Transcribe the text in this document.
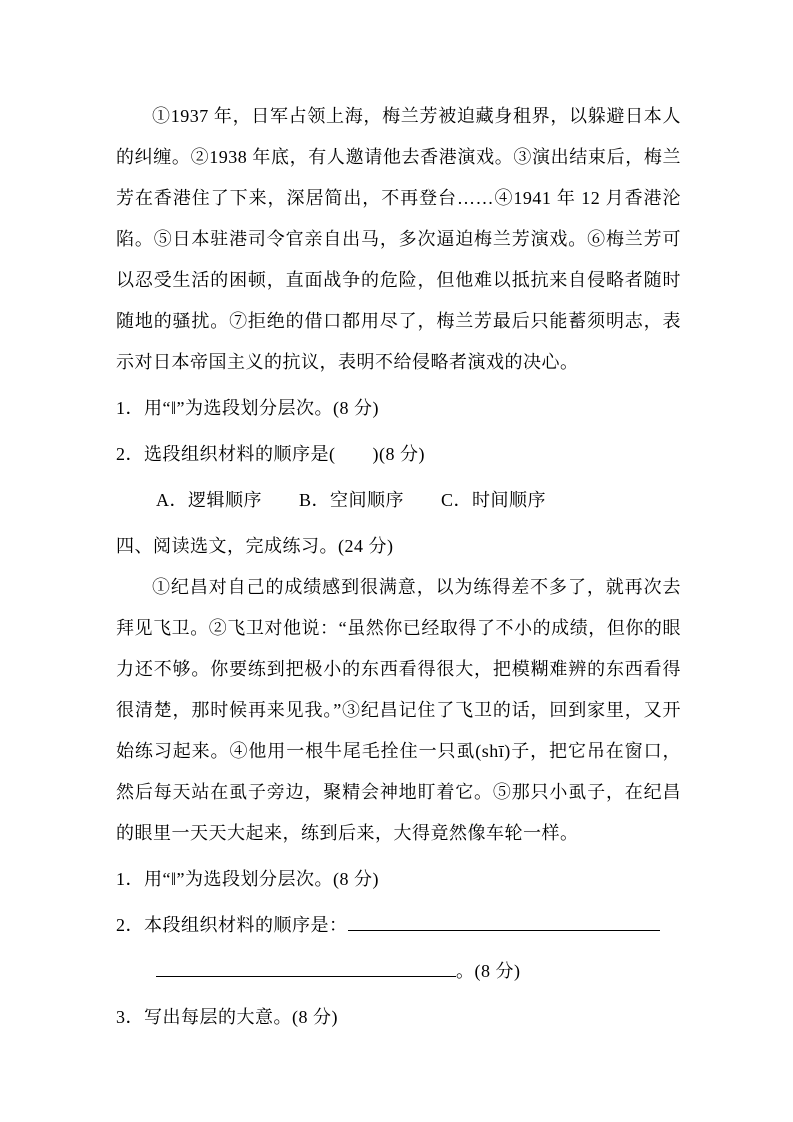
①1937 年，日军占领上海，梅兰芳被迫藏身租界，以躲避日本人的纠缠。②1938 年底，有人邀请他去香港演戏。③演出结束后，梅兰芳在香港住了下来，深居简出，不再登台……④1941 年 12 月香港沦陷。⑤日本驻港司令官亲自出马，多次逼迫梅兰芳演戏。⑥梅兰芳可以忍受生活的困顿，直面战争的危险，但他难以抵抗来自侵略者随时随地的骚扰。⑦拒绝的借口都用尽了，梅兰芳最后只能蓄须明志，表示对日本帝国主义的抗议，表明不给侵略者演戏的决心。

1．用“‖”为选段划分层次。(8 分)

2．选段组织材料的顺序是(　　)(8 分)

A．逻辑顺序　　B．空间顺序　　C．时间顺序

四、阅读选文，完成练习。(24 分)

①纪昌对自己的成绩感到很满意，以为练得差不多了，就再次去拜见飞卫。②飞卫对他说：“虽然你已经取得了不小的成绩，但你的眼力还不够。你要练到把极小的东西看得很大，把模糊难辨的东西看得很清楚，那时候再来见我。”③纪昌记住了飞卫的话，回到家里，又开始练习起来。④他用一根牛尾毛拴住一只虱(shī)子，把它吊在窗口，然后每天站在虱子旁边，聚精会神地盯着它。⑤那只小虱子，在纪昌的眼里一天天大起来，练到后来，大得竟然像车轮一样。

1．用“‖”为选段划分层次。(8 分)

2．本段组织材料的顺序是：

。(8 分)

3．写出每层的大意。(8 分)
